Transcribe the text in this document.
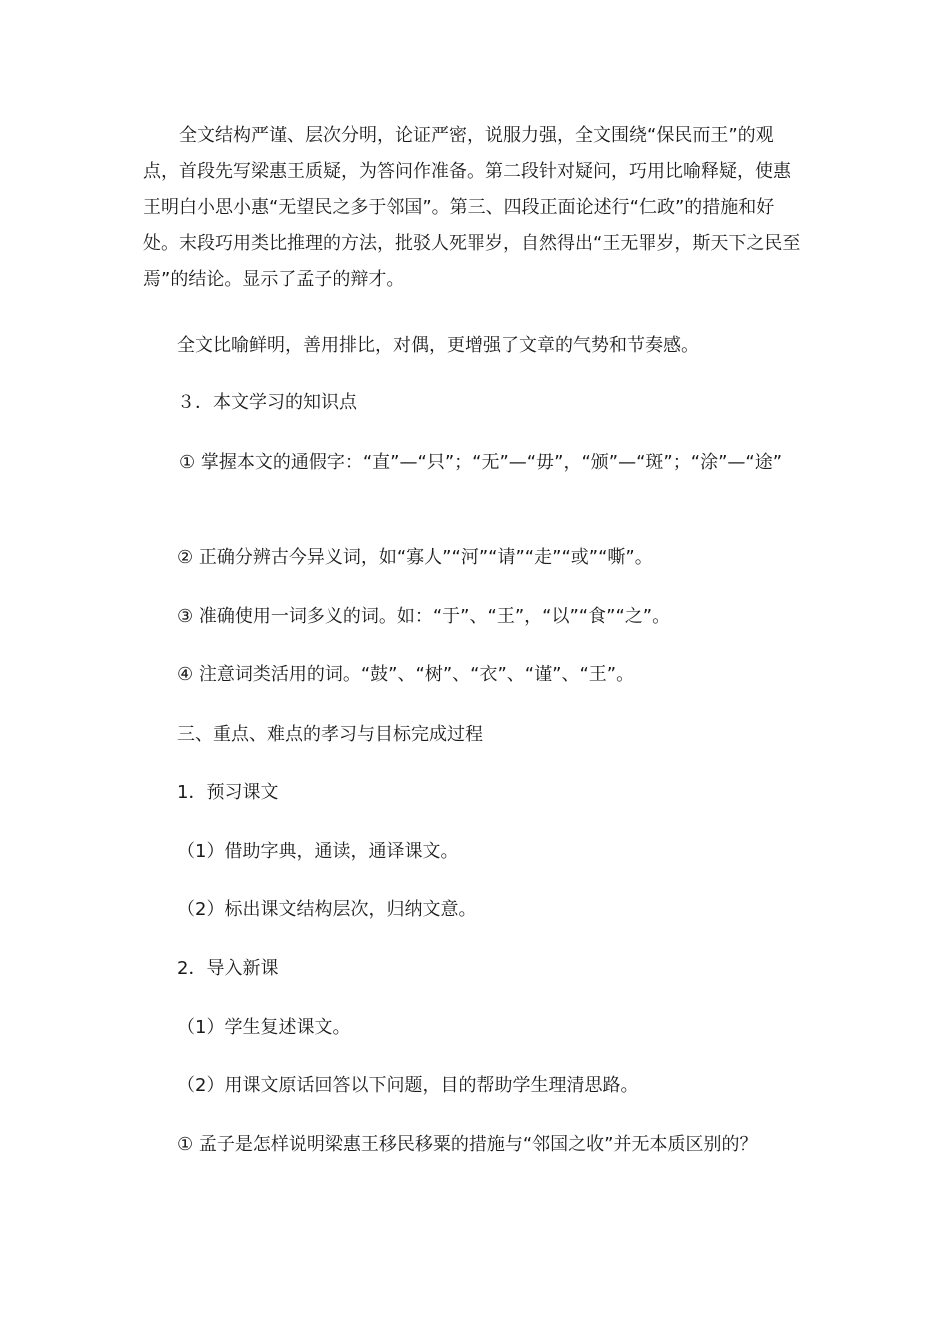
全文结构严谨、层次分明，论证严密，说服力强，全文围绕“保民而王”的观点，首段先写梁惠王质疑，为答问作准备。第二段针对疑问，巧用比喻释疑，使惠王明白小思小惠“无望民之多于邻国”。第三、四段正面论述行“仁政”的措施和好处。末段巧用类比推理的方法，批驳人死罪岁，自然得出“王无罪岁，斯天下之民至焉”的结论。显示了孟子的辩才。

全文比喻鲜明，善用排比，对偶，更增强了文章的气势和节奏感。

３．本文学习的知识点

① 掌握本文的通假字：“直”—“只”；“无”—“毋”，“颁”—“斑”；“涂”—“途”

② 正确分辨古今异义词，如“寡人”“河”“请”“走”“或”“嘶”。

③ 准确使用一词多义的词。如：“于”、“王”，“以”“食”“之”。

④ 注意词类活用的词。“鼓”、“树”、“衣”、“谨”、“王”。

三、重点、难点的孝习与目标完成过程

1．预习课文

（1）借助字典，通读，通译课文。

（2）标出课文结构层次，归纳文意。

2．导入新课

（1）学生复述课文。

（2）用课文原话回答以下问题，目的帮助学生理清思路。

① 孟子是怎样说明梁惠王移民移粟的措施与“邻国之收”并无本质区别的？
